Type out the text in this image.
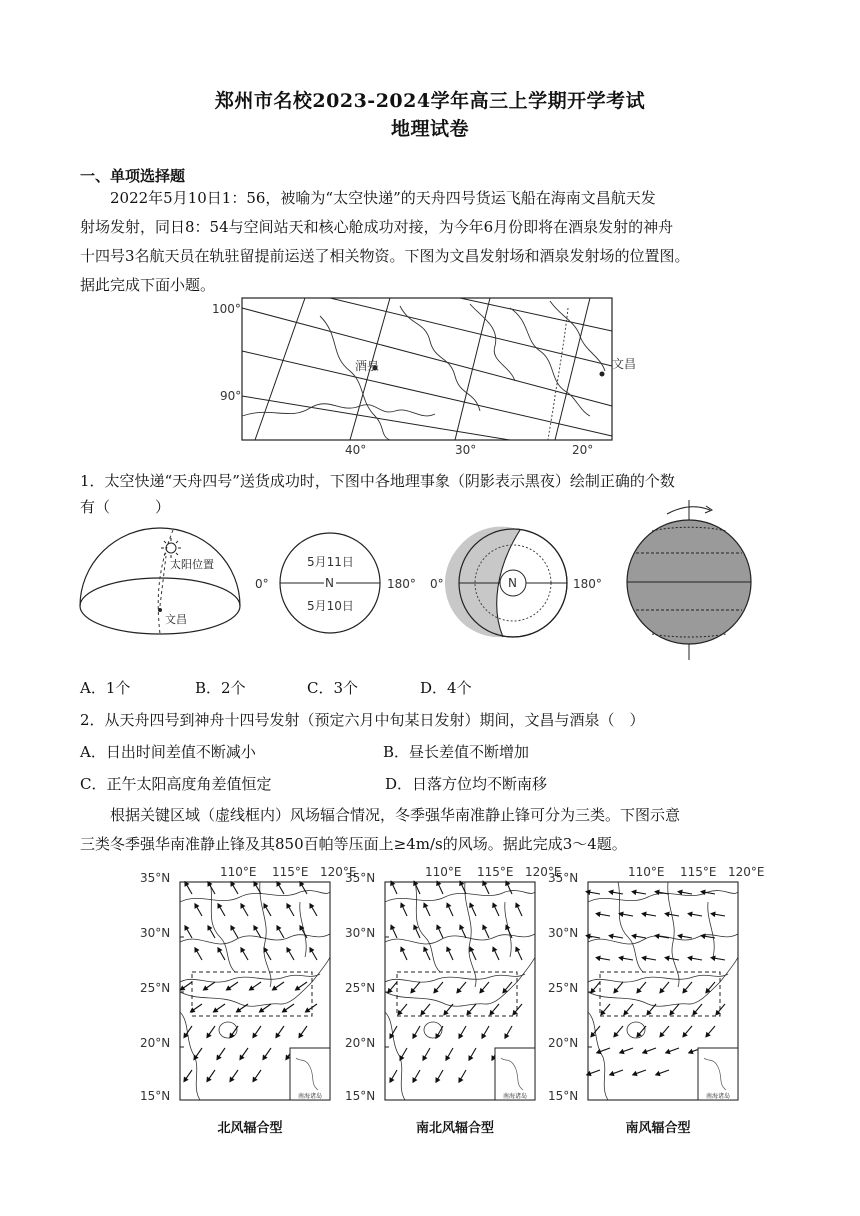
郑州市名校2023-2024学年高三上学期开学考试
地理试卷
一、单项选择题
2022年5月10日1：56，被喻为“太空快递”的天舟四号货运飞船在海南文昌航天发
射场发射，同日8：54与空间站天和核心舱成功对接，为今年6月份即将在酒泉发射的神舟
十四号3名航天员在轨驻留提前运送了相关物资。下图为文昌发射场和酒泉发射场的位置图。
据此完成下面小题。
酒泉	文昌
100°
90°
40°	30°	20°
1．太空快递“天舟四号”送货成功时，下图中各地理事象（阴影表示黑夜）绘制正确的个数
有（　　　）
太阳位置
文昌
N
5月11日
5月10日
0°	180°	N
0°	180°
A．1个	B．2个	C．3个	D．4个
2．从天舟四号到神舟十四号发射（预定六月中旬某日发射）期间，文昌与酒泉（　）
A．日出时间差值不断减小	B．昼长差值不断增加
C．正午太阳高度角差值恒定	D．日落方位均不断南移
根据关键区域（虚线框内）风场辐合情况，冬季强华南准静止锋可分为三类。下图示意
三类冬季强华南准静止锋及其850百帕等压面上≥4m/s的风场。据此完成3～4题。
110°E 115°E 120°E
35°N
30°N
25°N
20°N
15°N	南海诸岛
110°E 115°E 120°E
35°N
30°N
25°N
20°N
15°N	南海诸岛
110°E 115°E 120°E
35°N
30°N
25°N
20°N
15°N	南海诸岛
北风辐合型	南北风辐合型	南风辐合型
